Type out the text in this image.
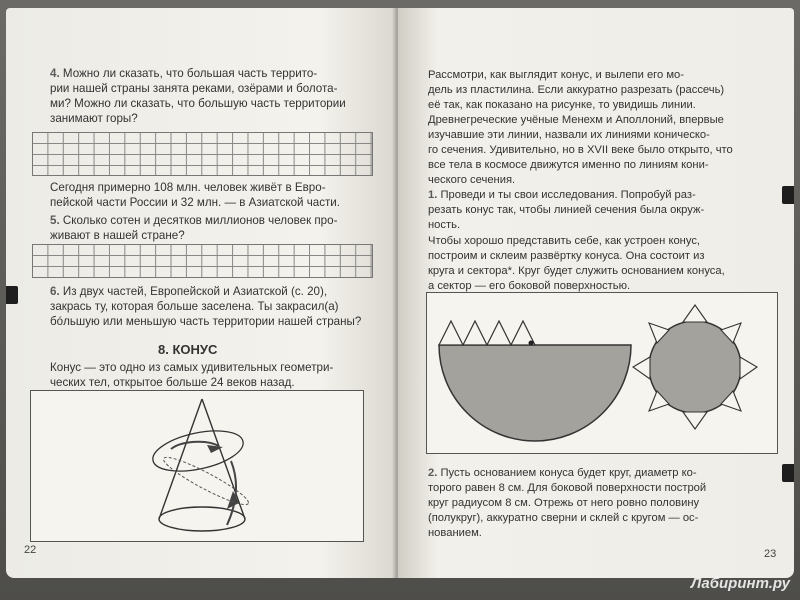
4. Можно ли сказать, что большая часть террито-
рии нашей страны занята реками, озёрами и болота-
ми? Можно ли сказать, что большую часть территории
занимают горы?
Сегодня примерно 108 млн. человек живёт в Евро-
пейской части России и 32 млн. — в Азиатской части.
5. Сколько сотен и десятков миллионов человек про-
живают в нашей стране?
6. Из двух частей, Европейской и Азиатской (с. 20),
закрась ту, которая больше заселена. Ты закрасил(а)
бóльшую или меньшую часть территории нашей страны?
8. КОНУС
Конус — это одно из самых удивительных геометри-
ческих тел, открытое больше 24 веков назад.
22
Рассмотри, как выглядит конус, и вылепи его мо-
дель из пластилина. Если аккуратно разрезать (рассечь)
её так, как показано на рисунке, то увидишь линии.
Древнегреческие учёные Менехм и Аполлоний, впервые
изучавшие эти линии, назвали их линиями коническо-
го сечения. Удивительно, но в XVII веке было открыто, что
все тела в космосе движутся именно по линиям кони-
ческого сечения.
1. Проведи и ты свои исследования. Попробуй раз-
резать конус так, чтобы линией сечения была окруж-
ность.
Чтобы хорошо представить себе, как устроен конус,
построим и склеим развёртку конуса. Она состоит из
круга и сектора*. Круг будет служить основанием конуса,
а сектор — его боковой поверхностью.
2. Пусть основанием конуса будет круг, диаметр ко-
торого равен 8 см. Для боковой поверхности построй
круг радиусом 8 см. Отрежь от него ровно половину
(полукруг), аккуратно сверни и склей с кругом — ос-
нованием.
23
Лабиринт.ру
